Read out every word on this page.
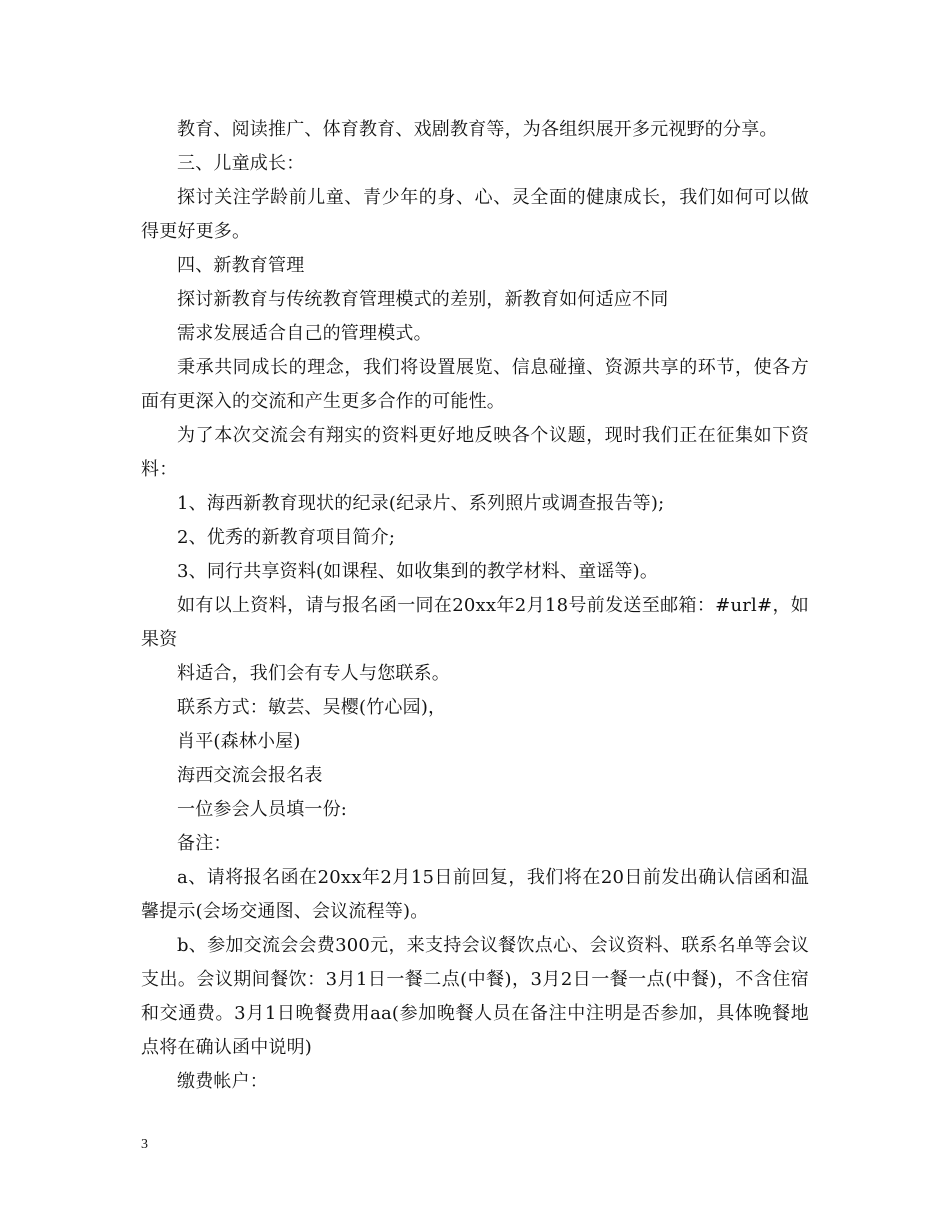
教育、阅读推广、体育教育、戏剧教育等，为各组织展开多元视野的分享。

三、儿童成长：

探讨关注学龄前儿童、青少年的身、心、灵全面的健康成长，我们如何可以做得更好更多。

四、新教育管理

探讨新教育与传统教育管理模式的差别，新教育如何适应不同

需求发展适合自己的管理模式。

秉承共同成长的理念，我们将设置展览、信息碰撞、资源共享的环节，使各方面有更深入的交流和产生更多合作的可能性。

为了本次交流会有翔实的资料更好地反映各个议题，现时我们正在征集如下资料：

1、海西新教育现状的纪录(纪录片、系列照片或调查报告等);

2、优秀的新教育项目简介;

3、同行共享资料(如课程、如收集到的教学材料、童谣等)。

如有以上资料，请与报名函一同在20xx年2月18号前发送至邮箱：#url#，如果资

料适合，我们会有专人与您联系。

联系方式：敏芸、吴樱(竹心园)，

肖平(森林小屋)

海西交流会报名表

一位参会人员填一份:

备注：

a、请将报名函在20xx年2月15日前回复，我们将在20日前发出确认信函和温馨提示(会场交通图、会议流程等)。

b、参加交流会会费300元，来支持会议餐饮点心、会议资料、联系名单等会议支出。会议期间餐饮：3月1日一餐二点(中餐)，3月2日一餐一点(中餐)，不含住宿和交通费。3月1日晚餐费用aa(参加晚餐人员在备注中注明是否参加，具体晚餐地点将在确认函中说明)

缴费帐户：

3
